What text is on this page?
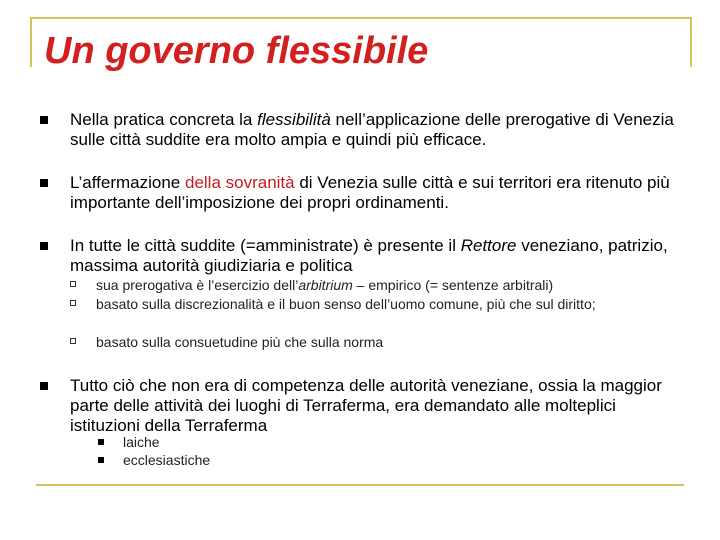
Un governo flessibile
Nella pratica concreta la flessibilità nell’applicazione delle prerogative di Venezia sulle città suddite era molto ampia e quindi più efficace.
L’affermazione della sovranità di Venezia sulle città e sui territori era ritenuto più importante dell’imposizione dei propri ordinamenti.
In tutte le città suddite (=amministrate) è presente il Rettore veneziano, patrizio, massima autorità giudiziaria e politica
sua prerogativa è l’esercizio dell’arbitrium – empirico (= sentenze arbitrali)
basato sulla discrezionalità e il buon senso dell’uomo comune, più che sul diritto;
basato sulla consuetudine più che sulla norma
Tutto ciò che non era di competenza delle autorità veneziane, ossia la maggior parte delle attività dei luoghi di Terraferma, era demandato alle molteplici istituzioni della Terraferma
laiche
ecclesiastiche
